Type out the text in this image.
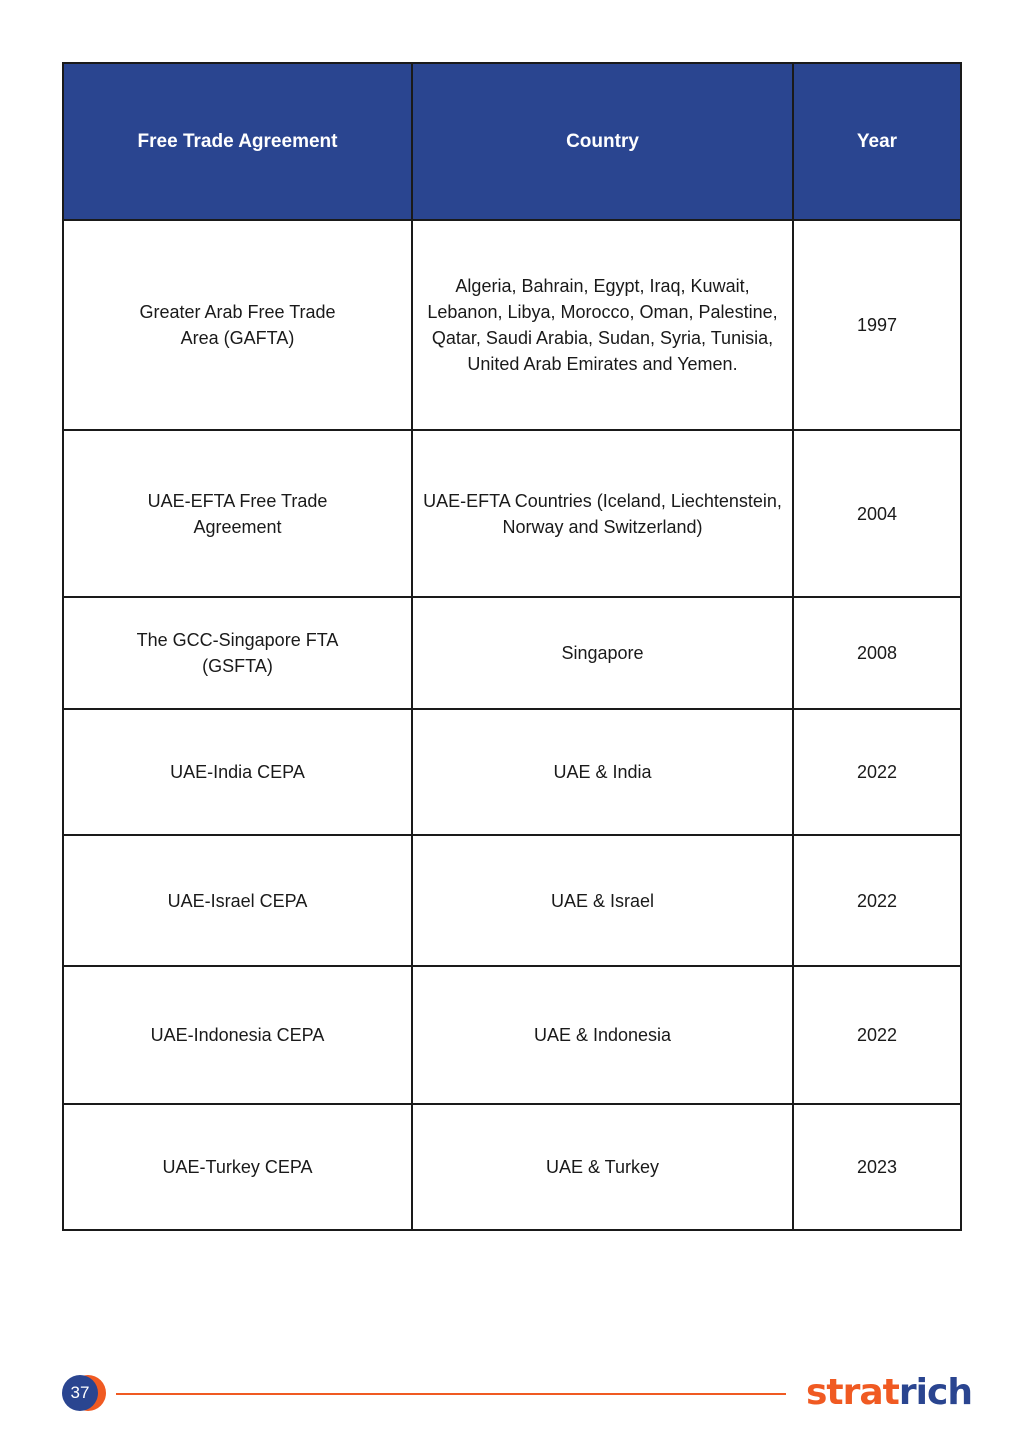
Free Trade Agreement	Country	Year
Greater Arab Free Trade Area (GAFTA)	Algeria, Bahrain, Egypt, Iraq, Kuwait, Lebanon, Libya, Morocco, Oman, Palestine, Qatar, Saudi Arabia, Sudan, Syria, Tunisia, United Arab Emirates and Yemen.	1997
UAE-EFTA Free Trade Agreement	UAE-EFTA Countries (Iceland, Liechtenstein, Norway and Switzerland)	2004
The GCC-Singapore FTA (GSFTA)	Singapore	2008
UAE-India CEPA	UAE & India	2022
UAE-Israel CEPA	UAE & Israel	2022
UAE-Indonesia CEPA	UAE & Indonesia	2022
UAE-Turkey CEPA	UAE & Turkey	2023
37	stratrich
